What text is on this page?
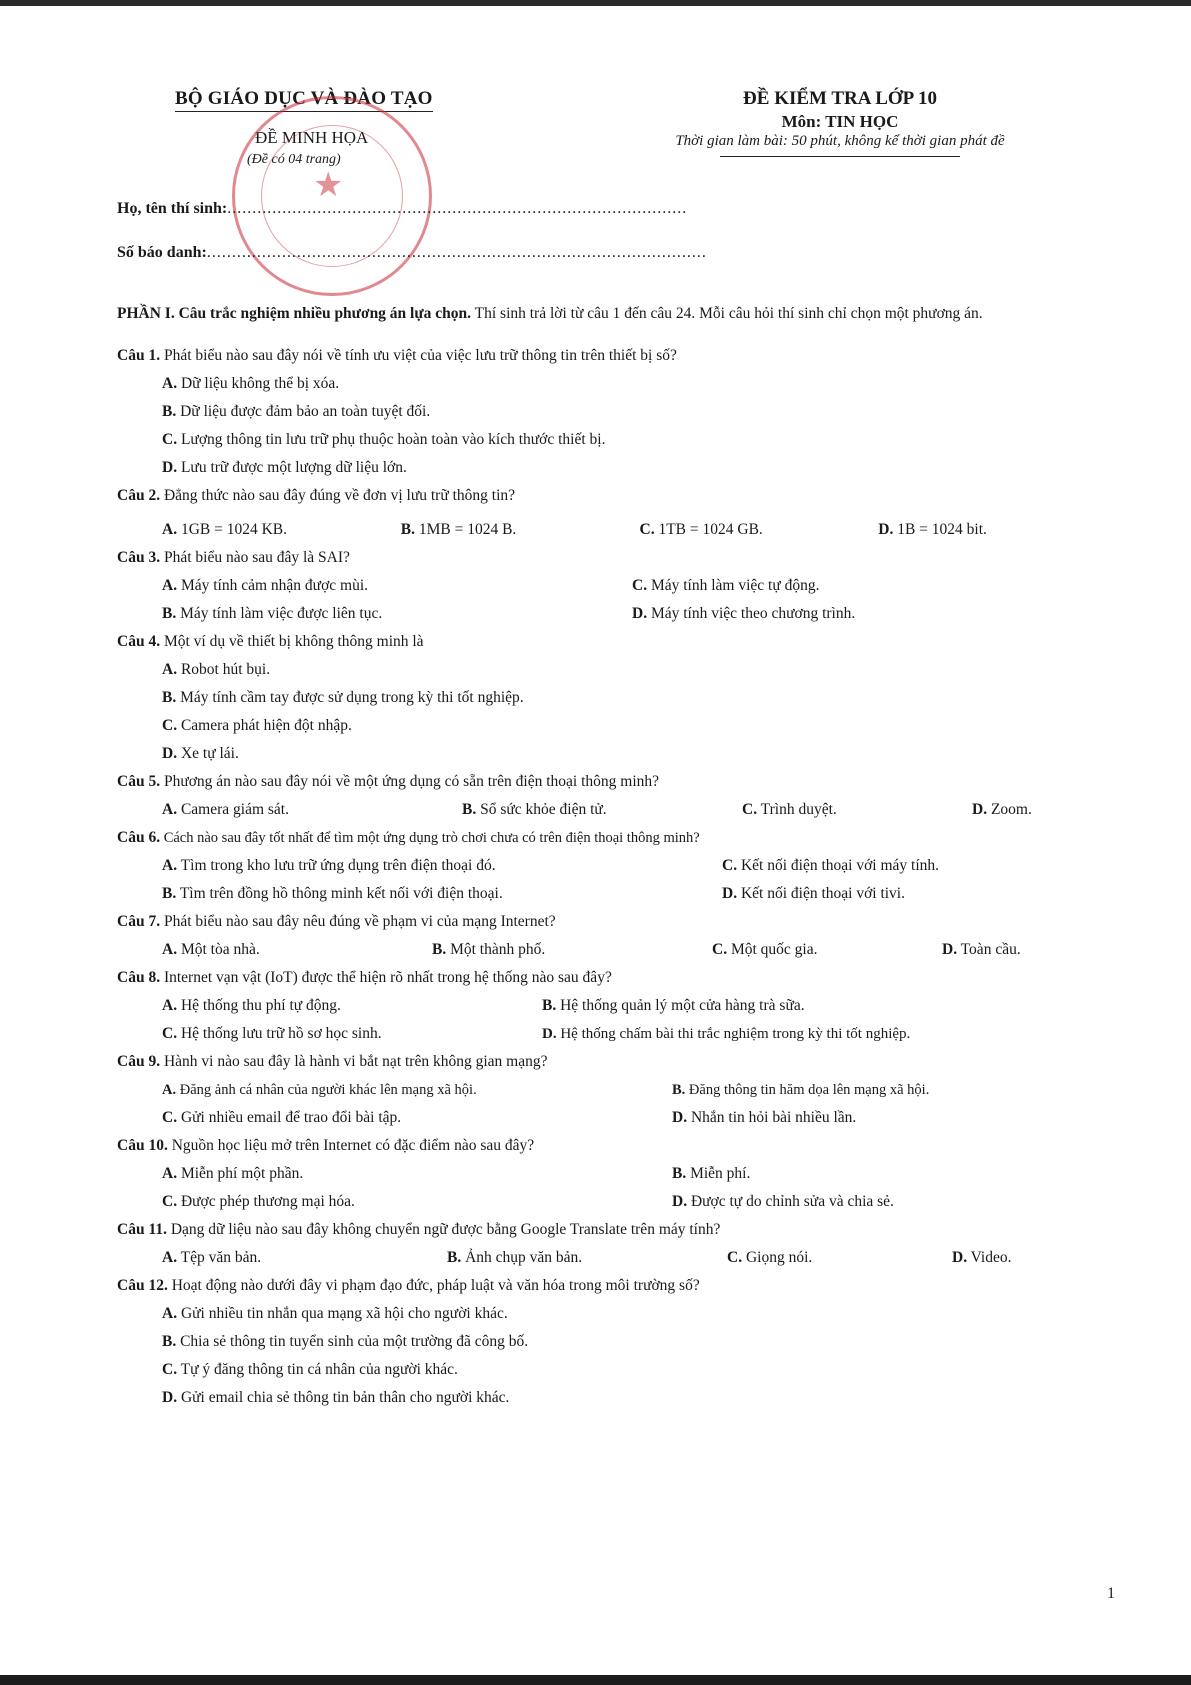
BỘ GIÁO DỤC VÀ ĐÀO TẠO
ĐỀ MINH HỌA
(Đề có 04 trang)
★
ĐỀ KIỂM TRA LỚP 10
Môn: TIN HỌC
Thời gian làm bài: 50 phút, không kể thời gian phát đề
Họ, tên thí sinh:............................................................................................
Số báo danh:....................................................................................................
PHẦN I. Câu trắc nghiệm nhiều phương án lựa chọn. Thí sinh trả lời từ câu 1 đến câu 24. Mỗi câu hỏi thí sinh chỉ chọn một phương án.
Câu 1. Phát biểu nào sau đây nói về tính ưu việt của việc lưu trữ thông tin trên thiết bị số?
A. Dữ liệu không thể bị xóa.
B. Dữ liệu được đảm bảo an toàn tuyệt đối.
C. Lượng thông tin lưu trữ phụ thuộc hoàn toàn vào kích thước thiết bị.
D. Lưu trữ được một lượng dữ liệu lớn.
Câu 2. Đẳng thức nào sau đây đúng về đơn vị lưu trữ thông tin?
A. 1GB = 1024 KB.	B. 1MB = 1024 B.	C. 1TB = 1024 GB.	D. 1B = 1024 bit.
Câu 3. Phát biểu nào sau đây là SAI?
A. Máy tính cảm nhận được mùi.	C. Máy tính làm việc tự động.
B. Máy tính làm việc được liên tục.	D. Máy tính việc theo chương trình.
Câu 4. Một ví dụ về thiết bị không thông minh là
A. Robot hút bụi.
B. Máy tính cầm tay được sử dụng trong kỳ thi tốt nghiệp.
C. Camera phát hiện đột nhập.
D. Xe tự lái.
Câu 5. Phương án nào sau đây nói về một ứng dụng có sẵn trên điện thoại thông minh?
A. Camera giám sát.	B. Sổ sức khỏe điện tử.	C. Trình duyệt.	D. Zoom.
Câu 6. Cách nào sau đây tốt nhất để tìm một ứng dụng trò chơi chưa có trên điện thoại thông minh?
A. Tìm trong kho lưu trữ ứng dụng trên điện thoại đó.	C. Kết nối điện thoại với máy tính.
B. Tìm trên đồng hồ thông minh kết nối với điện thoại.	D. Kết nối điện thoại với tivi.
Câu 7. Phát biểu nào sau đây nêu đúng về phạm vi của mạng Internet?
A. Một tòa nhà.	B. Một thành phố.	C. Một quốc gia.	D. Toàn cầu.
Câu 8. Internet vạn vật (IoT) được thể hiện rõ nhất trong hệ thống nào sau đây?
A. Hệ thống thu phí tự động.	B. Hệ thống quản lý một cửa hàng trà sữa.
C. Hệ thống lưu trữ hồ sơ học sinh.	D. Hệ thống chấm bài thi trắc nghiệm trong kỳ thi tốt nghiệp.
Câu 9. Hành vi nào sau đây là hành vi bắt nạt trên không gian mạng?
A. Đăng ảnh cá nhân của người khác lên mạng xã hội.	B. Đăng thông tin hăm dọa lên mạng xã hội.
C. Gửi nhiều email để trao đổi bài tập.	D. Nhắn tin hỏi bài nhiều lần.
Câu 10. Nguồn học liệu mở trên Internet có đặc điểm nào sau đây?
A. Miễn phí một phần.	B. Miễn phí.
C. Được phép thương mại hóa.	D. Được tự do chỉnh sửa và chia sẻ.
Câu 11. Dạng dữ liệu nào sau đây không chuyển ngữ được bằng Google Translate trên máy tính?
A. Tệp văn bản.	B. Ảnh chụp văn bản.	C. Giọng nói.	D. Video.
Câu 12. Hoạt động nào dưới đây vi phạm đạo đức, pháp luật và văn hóa trong môi trường số?
A. Gửi nhiều tin nhắn qua mạng xã hội cho người khác.
B. Chia sẻ thông tin tuyển sinh của một trường đã công bố.
C. Tự ý đăng thông tin cá nhân của người khác.
D. Gửi email chia sẻ thông tin bản thân cho người khác.
1
